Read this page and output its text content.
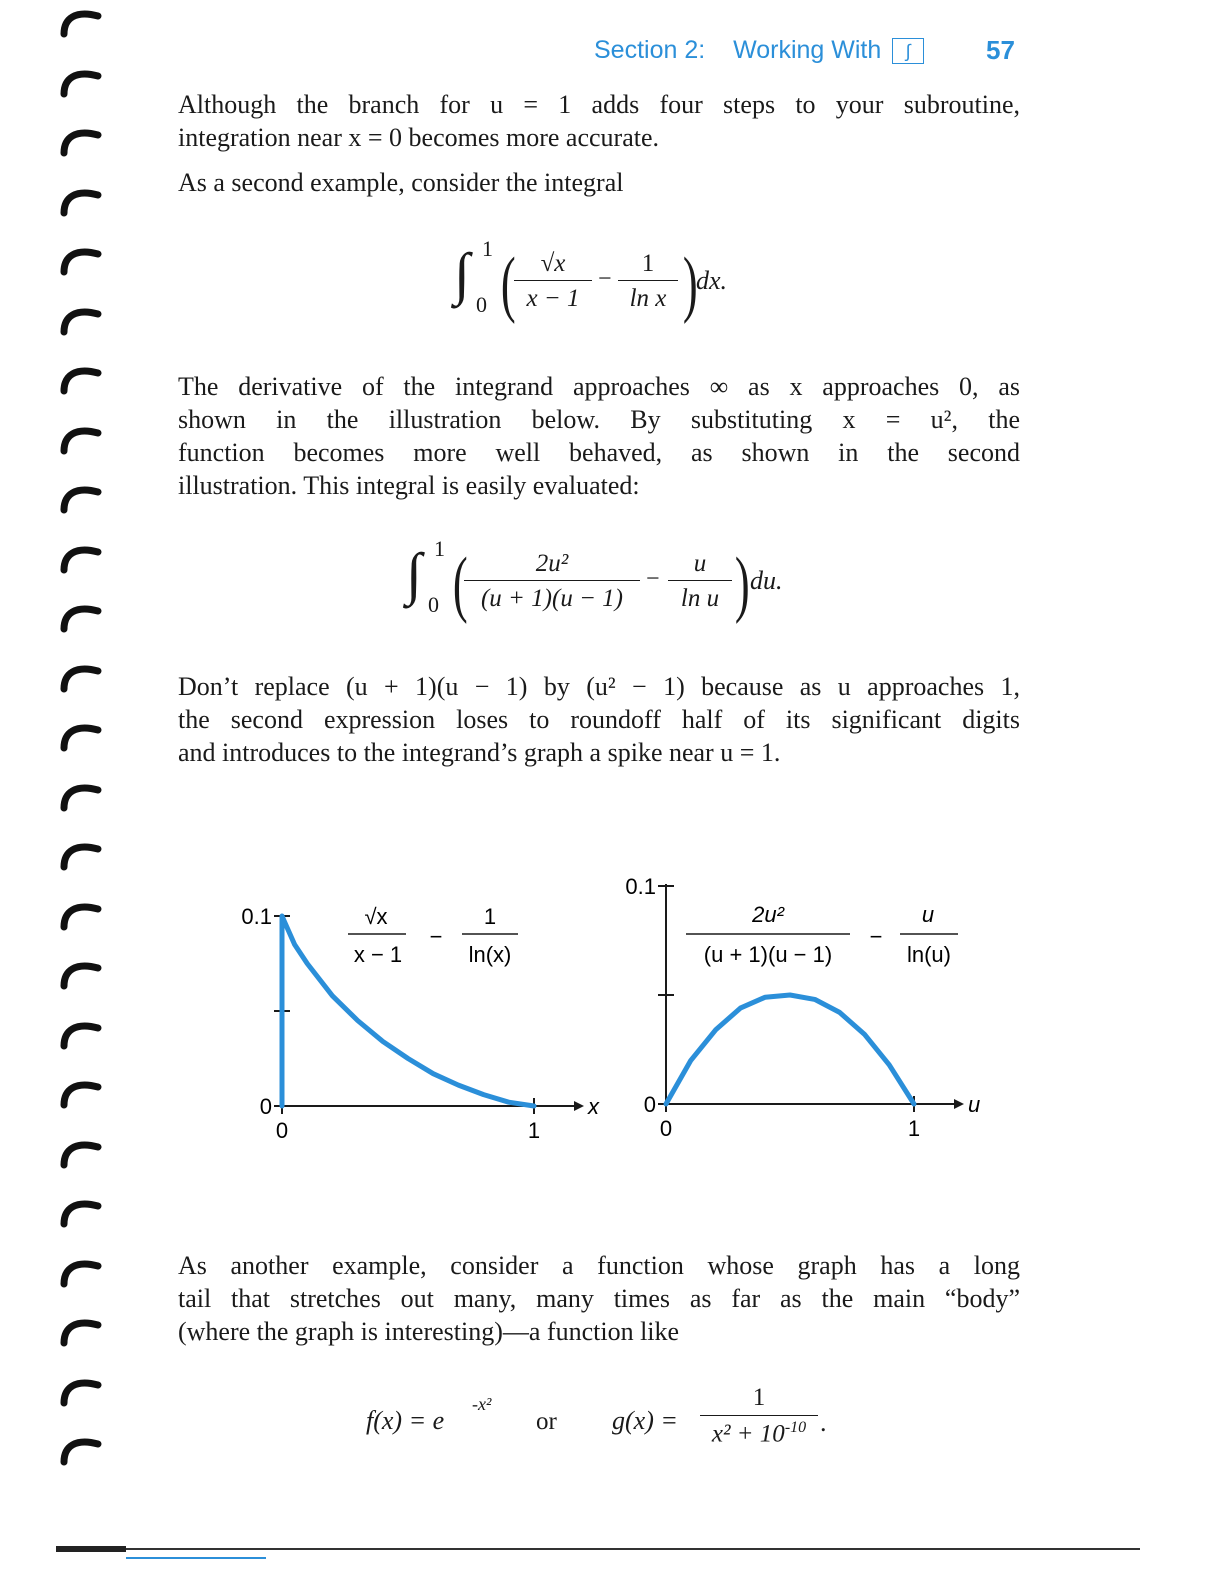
Section 2: Working With ∫	57
Although the branch for u = 1 adds four steps to your subroutine,
integration near x = 0 becomes more accurate.
As a second example, consider the integral
∫ 1
0 (
$\frac{√x}{x - 1} - \frac{1}{\text{ln x}}$ )
dx.
The derivative of the integrand approaches ∞ as x approaches 0, as
shown in the illustration below. By substituting x = u², the
function becomes more well behaved, as shown in the second
illustration. This integral is easily evaluated:
∫ 1
0 (
$\frac{\text{2u²}}{(u + 1)(u - 1)} - \frac{u}{\text{ln u}}$ ) du.
Don’t replace (u + 1)(u − 1) by (u² − 1) because as u approaches 1,
the second expression loses to roundoff half of its significant digits
and introduces to the integrand’s graph a spike near u = 1.
x
0
0.1
0	1
√x
x − 1
−
1
ln(x)
u
0
0.1
0	1
2u²
(u + 1)(u − 1)
−
u
ln(u)
As another example, consider a function whose graph has a long
tail that stretches out many, many times as far as the main “body”
(where the graph is interesting)—a function like
f(x) = e
-x²
or $g(x) = \frac{1}{x^2 + 10^{-10}}$ .
